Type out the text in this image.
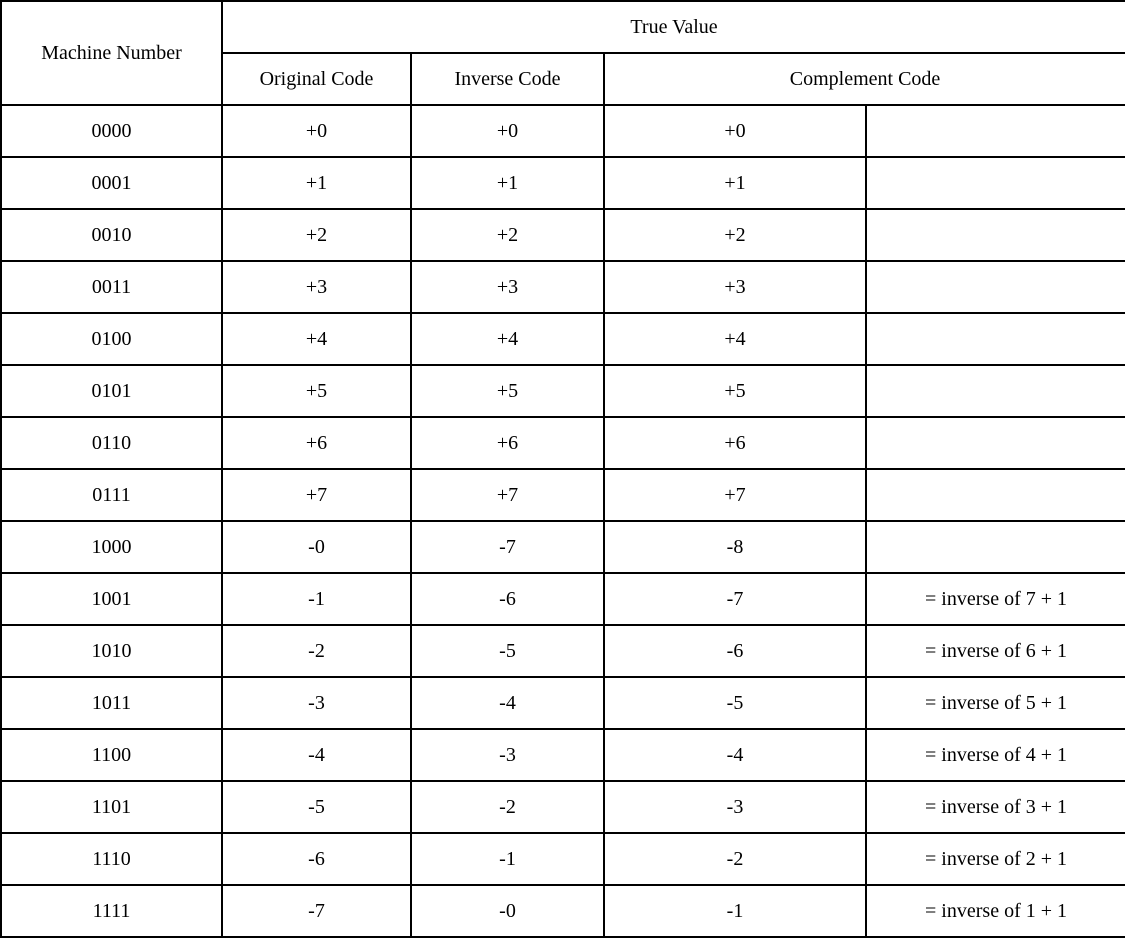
Machine Number	True Value			
	Original Code	Inverse Code	Complement Code	
0000	+0	+0	+0	
0001	+1	+1	+1	
0010	+2	+2	+2	
0011	+3	+3	+3	
0100	+4	+4	+4	
0101	+5	+5	+5	
0110	+6	+6	+6	
0111	+7	+7	+7	
1000	-0	-7	-8	
1001	-1	-6	-7	= inverse of 7 + 1
1010	-2	-5	-6	= inverse of 6 + 1
1011	-3	-4	-5	= inverse of 5 + 1
1100	-4	-3	-4	= inverse of 4 + 1
1101	-5	-2	-3	= inverse of 3 + 1
1110	-6	-1	-2	= inverse of 2 + 1
1111	-7	-0	-1	= inverse of 1 + 1
